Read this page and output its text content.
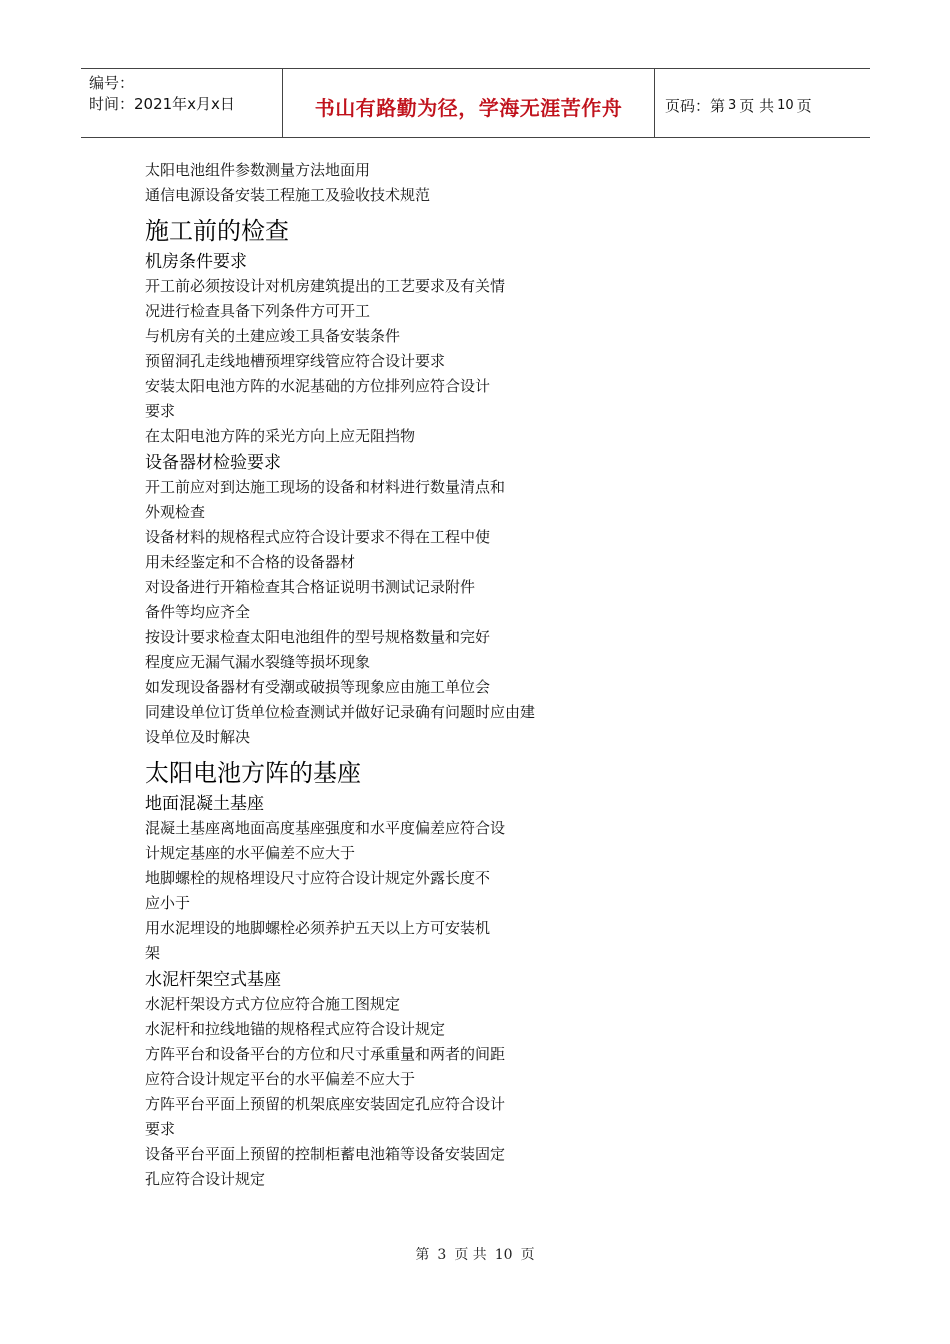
编号：
时间：2021年x月x日	书山有路勤为径，学海无涯苦作舟	页码：第 3 页 共 10 页
太阳电池组件参数测量方法地面用
通信电源设备安装工程施工及验收技术规范
施工前的检查
机房条件要求
开工前必须按设计对机房建筑提出的工艺要求及有关情
况进行检查具备下列条件方可开工
与机房有关的土建应竣工具备安装条件
预留洞孔走线地槽预埋穿线管应符合设计要求
安装太阳电池方阵的水泥基础的方位排列应符合设计
要求
在太阳电池方阵的采光方向上应无阻挡物
设备器材检验要求
开工前应对到达施工现场的设备和材料进行数量清点和
外观检查
设备材料的规格程式应符合设计要求不得在工程中使
用未经鉴定和不合格的设备器材
对设备进行开箱检查其合格证说明书测试记录附件
备件等均应齐全
按设计要求检查太阳电池组件的型号规格数量和完好
程度应无漏气漏水裂缝等损坏现象
如发现设备器材有受潮或破损等现象应由施工单位会
同建设单位订货单位检查测试并做好记录确有问题时应由建
设单位及时解决
太阳电池方阵的基座
地面混凝土基座
混凝土基座离地面高度基座强度和水平度偏差应符合设
计规定基座的水平偏差不应大于
地脚螺栓的规格埋设尺寸应符合设计规定外露长度不
应小于
用水泥埋设的地脚螺栓必须养护五天以上方可安装机
架
水泥杆架空式基座
水泥杆架设方式方位应符合施工图规定
水泥杆和拉线地锚的规格程式应符合设计规定
方阵平台和设备平台的方位和尺寸承重量和两者的间距
应符合设计规定平台的水平偏差不应大于
方阵平台平面上预留的机架底座安装固定孔应符合设计
要求
设备平台平面上预留的控制柜蓄电池箱等设备安装固定
孔应符合设计规定
第 3 页 共 10 页
